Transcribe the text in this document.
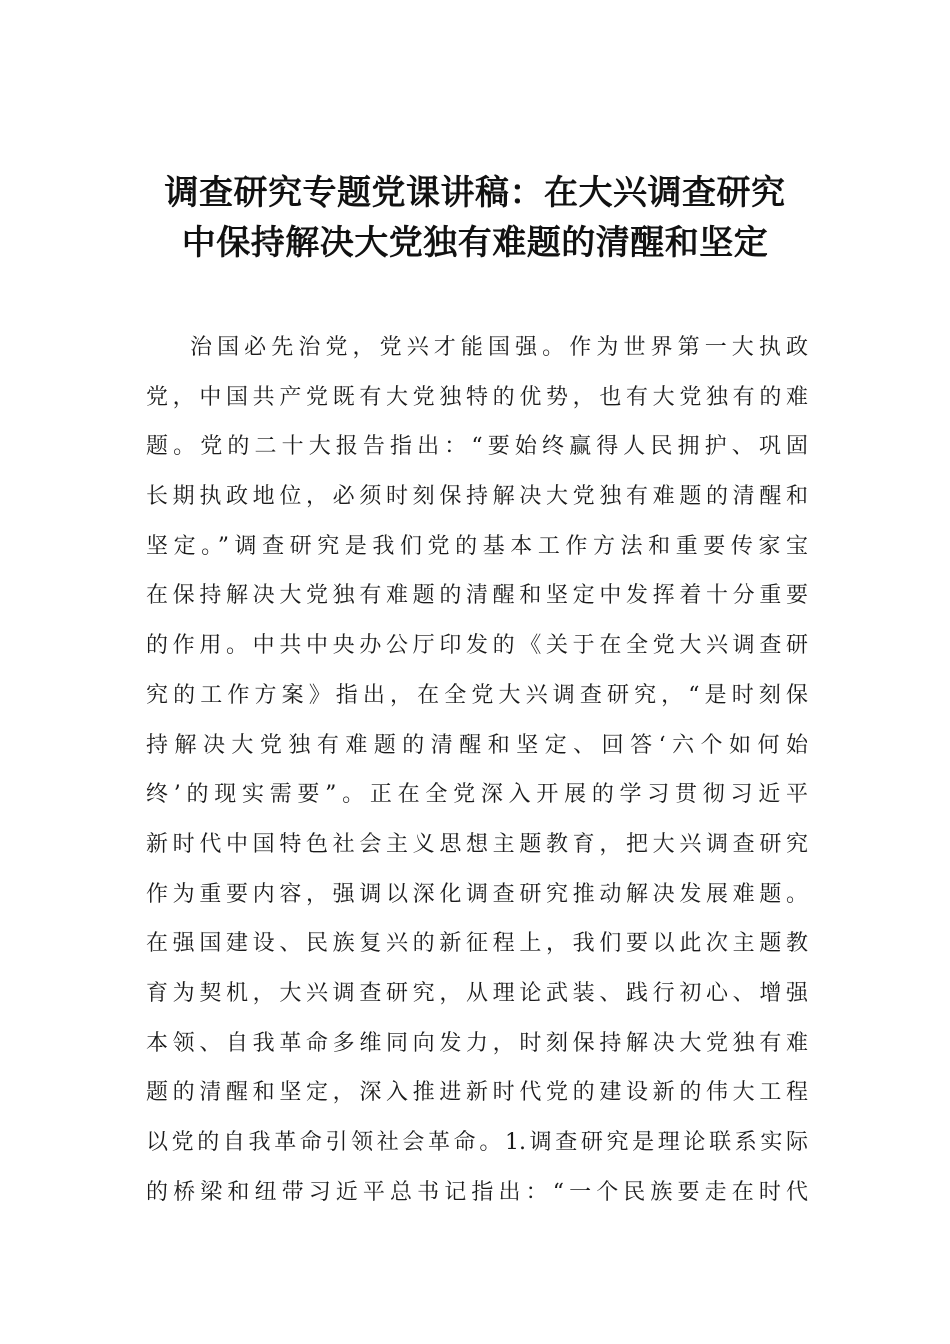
调查研究专题党课讲稿：在大兴调查研究
中保持解决大党独有难题的清醒和坚定
治国必先治党，党兴才能国强。作为世界第一大执政
党，中国共产党既有大党独特的优势，也有大党独有的难
题。党的二十大报告指出：“要始终赢得人民拥护、巩固
长期执政地位，必须时刻保持解决大党独有难题的清醒和
坚定。”调查研究是我们党的基本工作方法和重要传家宝
在保持解决大党独有难题的清醒和坚定中发挥着十分重要
的作用。中共中央办公厅印发的《关于在全党大兴调查研
究的工作方案》指出，在全党大兴调查研究，“是时刻保
持解决大党独有难题的清醒和坚定、回答‘六个如何始
终’的现实需要”。正在全党深入开展的学习贯彻习近平
新时代中国特色社会主义思想主题教育，把大兴调查研究
作为重要内容，强调以深化调查研究推动解决发展难题。
在强国建设、民族复兴的新征程上，我们要以此次主题教
育为契机，大兴调查研究，从理论武装、践行初心、增强
本领、自我革命多维同向发力，时刻保持解决大党独有难
题的清醒和坚定，深入推进新时代党的建设新的伟大工程
以党的自我革命引领社会革命。1.调查研究是理论联系实际
的桥梁和纽带习近平总书记指出：“一个民族要走在时代
